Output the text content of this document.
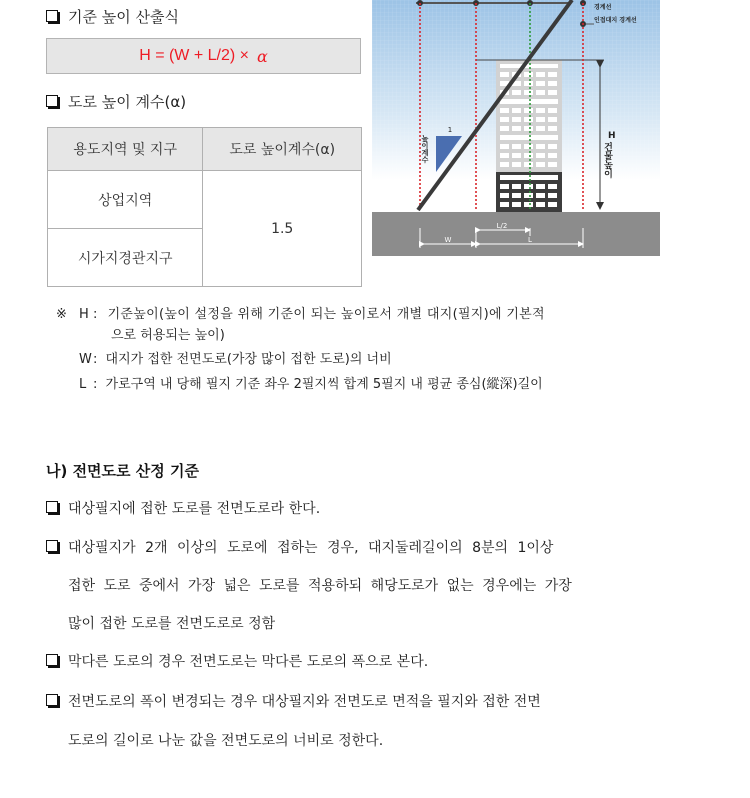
기준 높이 산출식
H = (W + L/2) × α
도로 높이 계수(α)
용도지역 및 지구	도로 높이계수(α)
상업지역	1.5
시가지경관지구	
1
W
L/2
L
H
경계선
인접대지 경계선
높이계수	건물높이
※ H : 기준높이(높이 설정을 위해 기준이 되는 높이로서 개별 대지(필지)에 기본적
으로 허용되는 높이)
W: 대지가 접한 전면도로(가장 많이 접한 도로)의 너비
L : 가로구역 내 당해 필지 기준 좌우 2필지씩 합계 5필지 내 평균 종심(縱深)길이
나) 전면도로 산정 기준
대상필지에 접한 도로를 전면도로라 한다.
대상필지가 2개 이상의 도로에 접하는 경우, 대지둘레길이의 8분의 1이상
접한 도로 중에서 가장 넓은 도로를 적용하되 해당도로가 없는 경우에는 가장
많이 접한 도로를 전면도로로 정함
막다른 도로의 경우 전면도로는 막다른 도로의 폭으로 본다.
전면도로의 폭이 변경되는 경우 대상필지와 전면도로 면적을 필지와 접한 전면
도로의 길이로 나눈 값을 전면도로의 너비로 정한다.
